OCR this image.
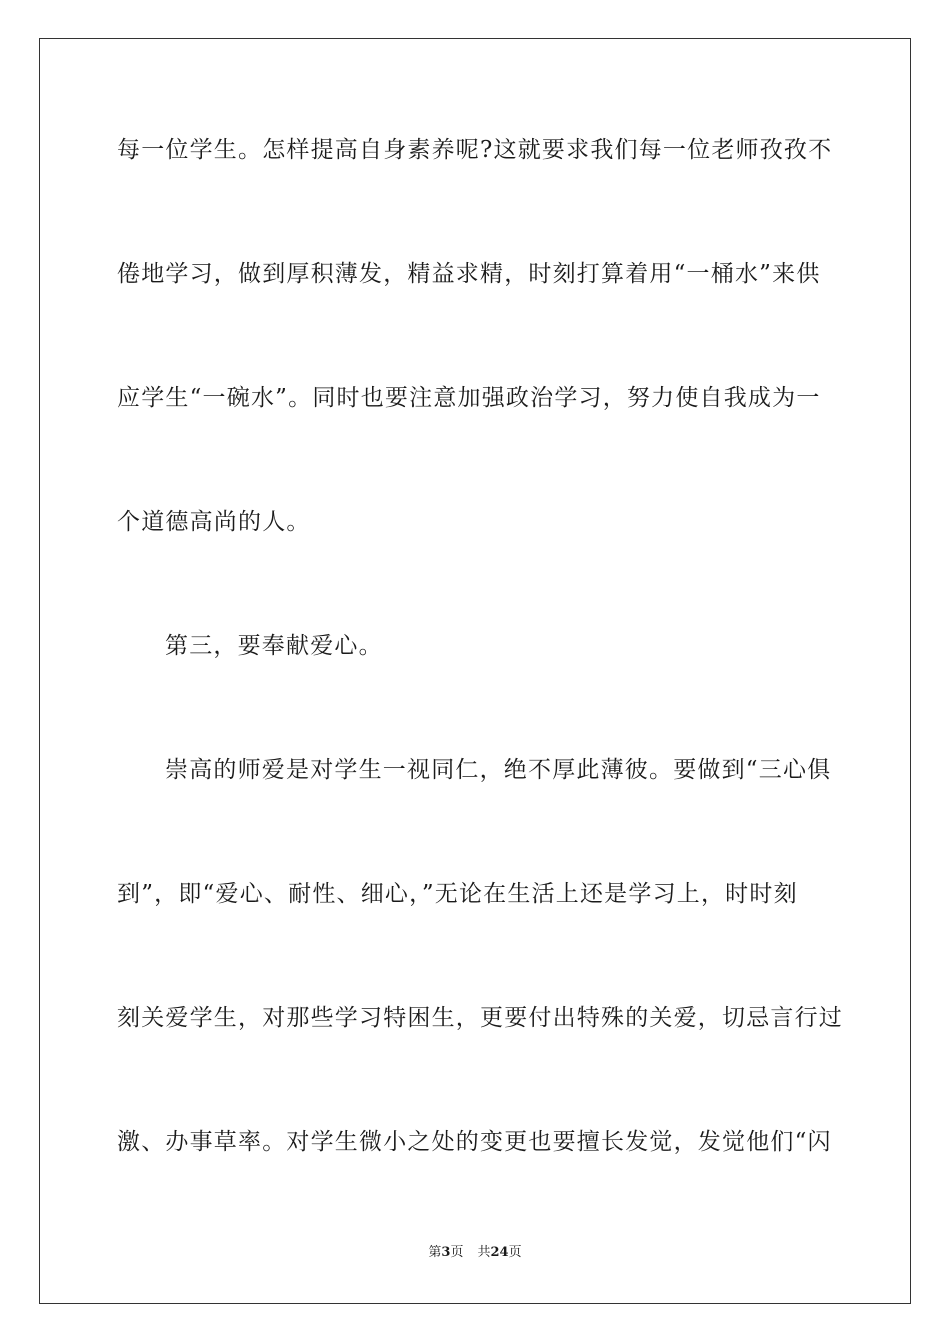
每一位学生。怎样提高自身素养呢?这就要求我们每一位老师孜孜不
倦地学习，做到厚积薄发，精益求精，时刻打算着用“一桶水”来供
应学生“一碗水”。同时也要注意加强政治学习，努力使自我成为一
个道德高尚的人。
第三，要奉献爱心。
崇高的师爱是对学生一视同仁，绝不厚此薄彼。要做到“三心俱
到”，即“爱心、耐性、细心，”无论在生活上还是学习上，时时刻
刻关爱学生，对那些学习特困生，更要付出特殊的关爱，切忌言行过
激、办事草率。对学生微小之处的变更也要擅长发觉，发觉他们“闪
第3页 共24页
